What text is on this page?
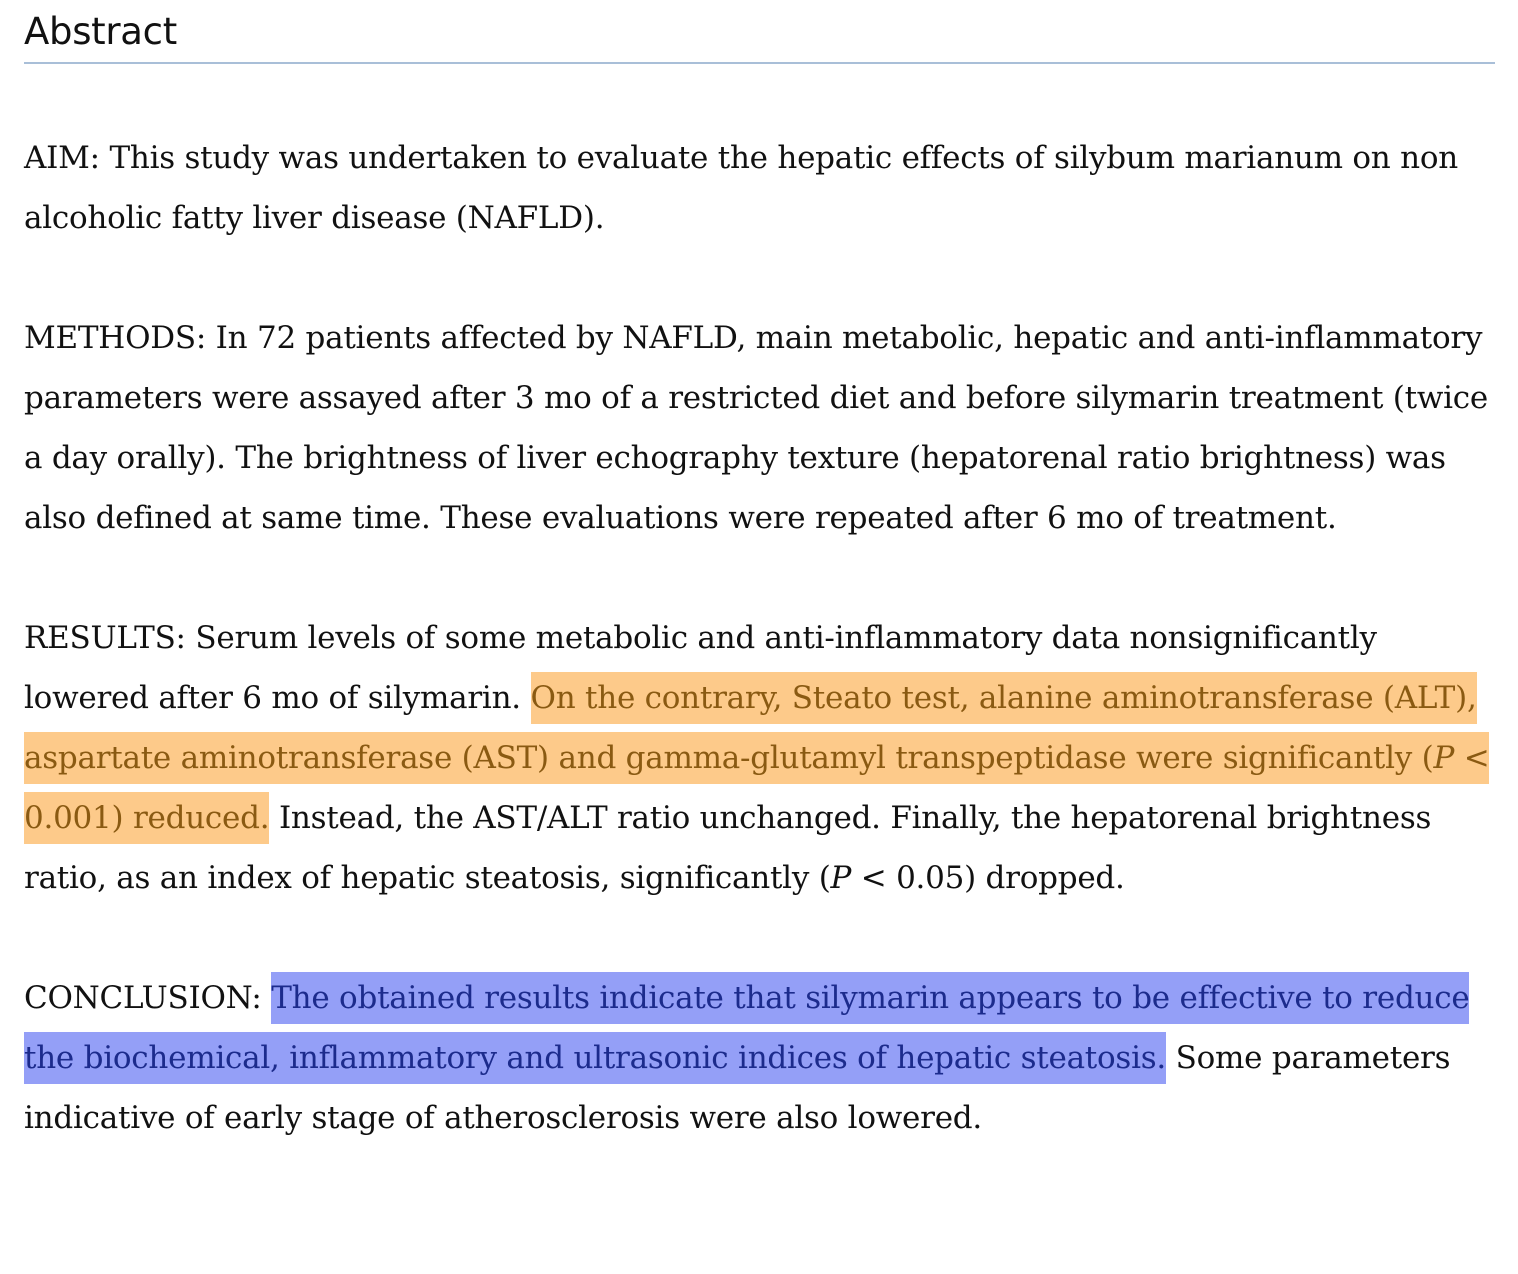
Abstract

AIM: This study was undertaken to evaluate the hepatic effects of silybum marianum on non alcoholic fatty liver disease (NAFLD).

METHODS: In 72 patients affected by NAFLD, main metabolic, hepatic and anti-inflammatory parameters were assayed after 3 mo of a restricted diet and before silymarin treatment (twice a day orally). The brightness of liver echography texture (hepatorenal ratio brightness) was also defined at same time. These evaluations were repeated after 6 mo of treatment.

RESULTS: Serum levels of some metabolic and anti-inflammatory data nonsignificantly lowered after 6 mo of silymarin. On the contrary, Steato test, alanine aminotransferase (ALT), aspartate aminotransferase (AST) and gamma-glutamyl transpeptidase were significantly (P < 0.001) reduced. Instead, the AST/ALT ratio unchanged. Finally, the hepatorenal brightness ratio, as an index of hepatic steatosis, significantly (P < 0.05) dropped.

CONCLUSION: The obtained results indicate that silymarin appears to be effective to reduce the biochemical, inflammatory and ultrasonic indices of hepatic steatosis. Some parameters indicative of early stage of atherosclerosis were also lowered.
